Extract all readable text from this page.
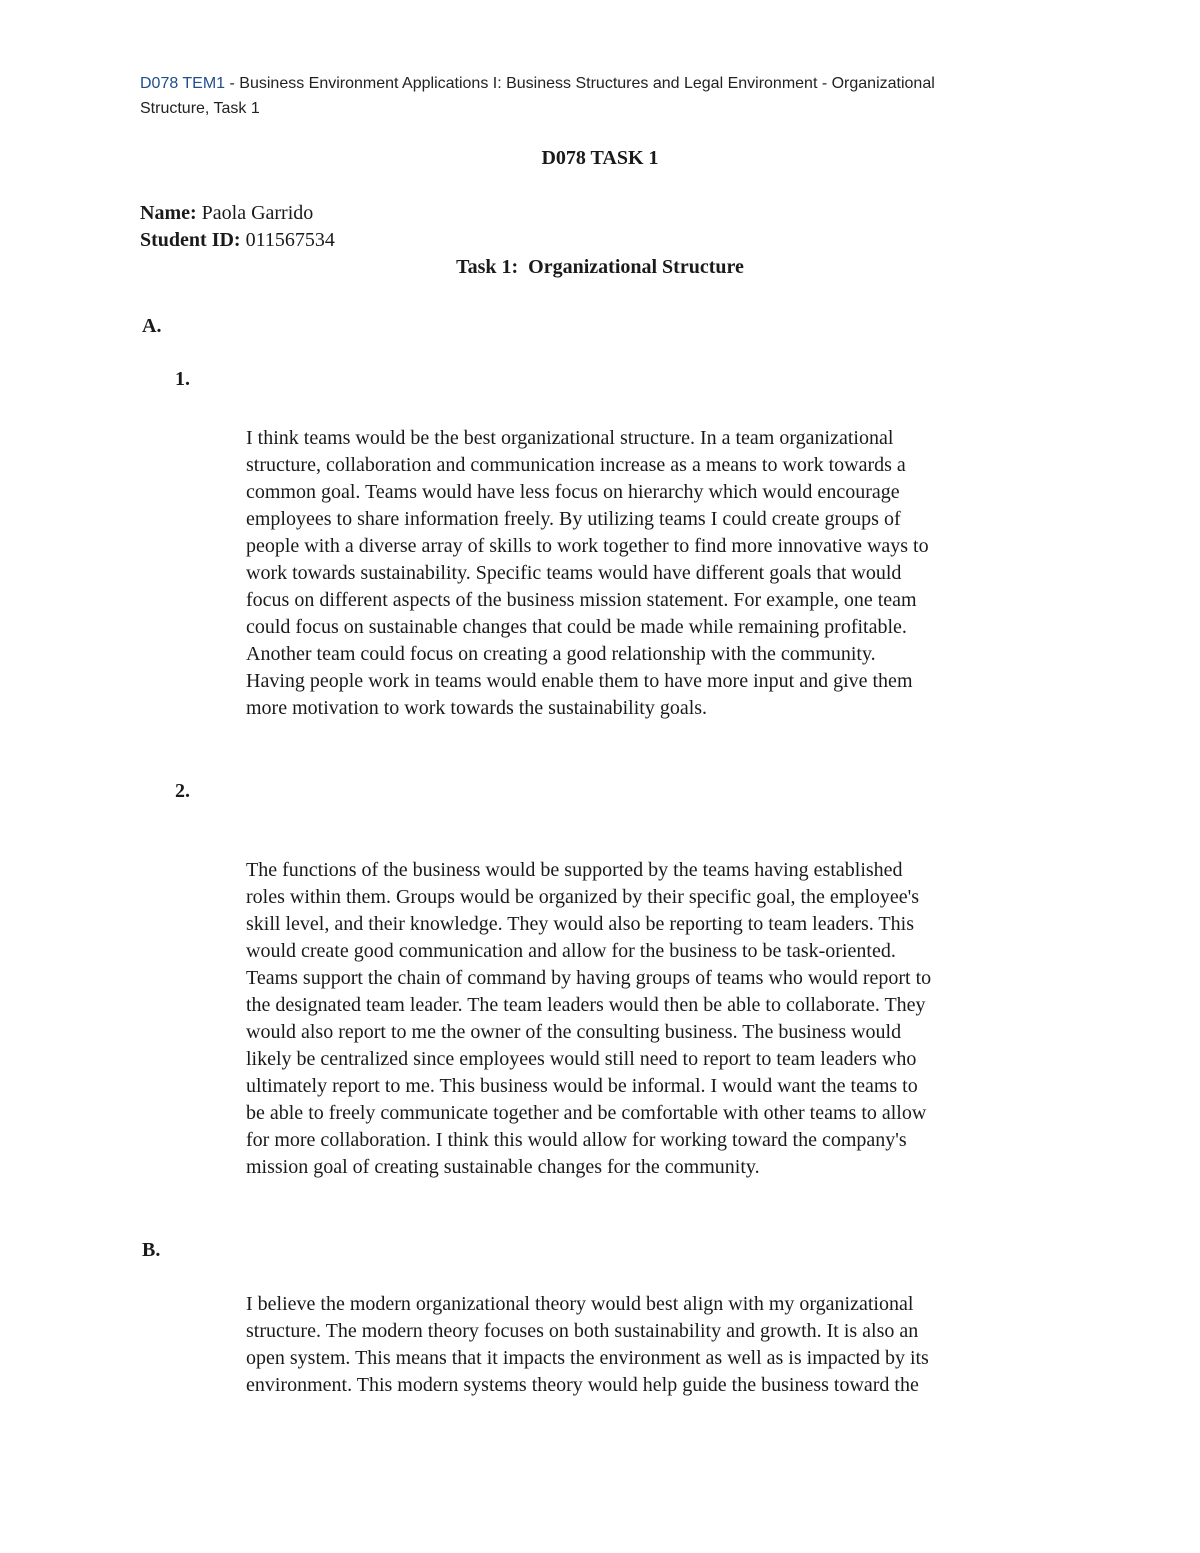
D078 TEM1 - Business Environment Applications I: Business Structures and Legal Environment - Organizational
Structure, Task 1
D078 TASK 1
Name: Paola Garrido
Student ID: 011567534
Task 1:  Organizational Structure
A.
1.
I think teams would be the best organizational structure. In a team organizational
structure, collaboration and communication increase as a means to work towards a
common goal. Teams would have less focus on hierarchy which would encourage
employees to share information freely. By utilizing teams I could create groups of
people with a diverse array of skills to work together to find more innovative ways to
work towards sustainability. Specific teams would have different goals that would
focus on different aspects of the business mission statement. For example, one team
could focus on sustainable changes that could be made while remaining profitable.
Another team could focus on creating a good relationship with the community.
Having people work in teams would enable them to have more input and give them
more motivation to work towards the sustainability goals.
2.
The functions of the business would be supported by the teams having established
roles within them. Groups would be organized by their specific goal, the employee's
skill level, and their knowledge. They would also be reporting to team leaders. This
would create good communication and allow for the business to be task-oriented.
Teams support the chain of command by having groups of teams who would report to
the designated team leader. The team leaders would then be able to collaborate. They
would also report to me the owner of the consulting business. The business would
likely be centralized since employees would still need to report to team leaders who
ultimately report to me. This business would be informal. I would want the teams to
be able to freely communicate together and be comfortable with other teams to allow
for more collaboration. I think this would allow for working toward the company's
mission goal of creating sustainable changes for the community.
B.
I believe the modern organizational theory would best align with my organizational
structure. The modern theory focuses on both sustainability and growth. It is also an
open system. This means that it impacts the environment as well as is impacted by its
environment. This modern systems theory would help guide the business toward the
